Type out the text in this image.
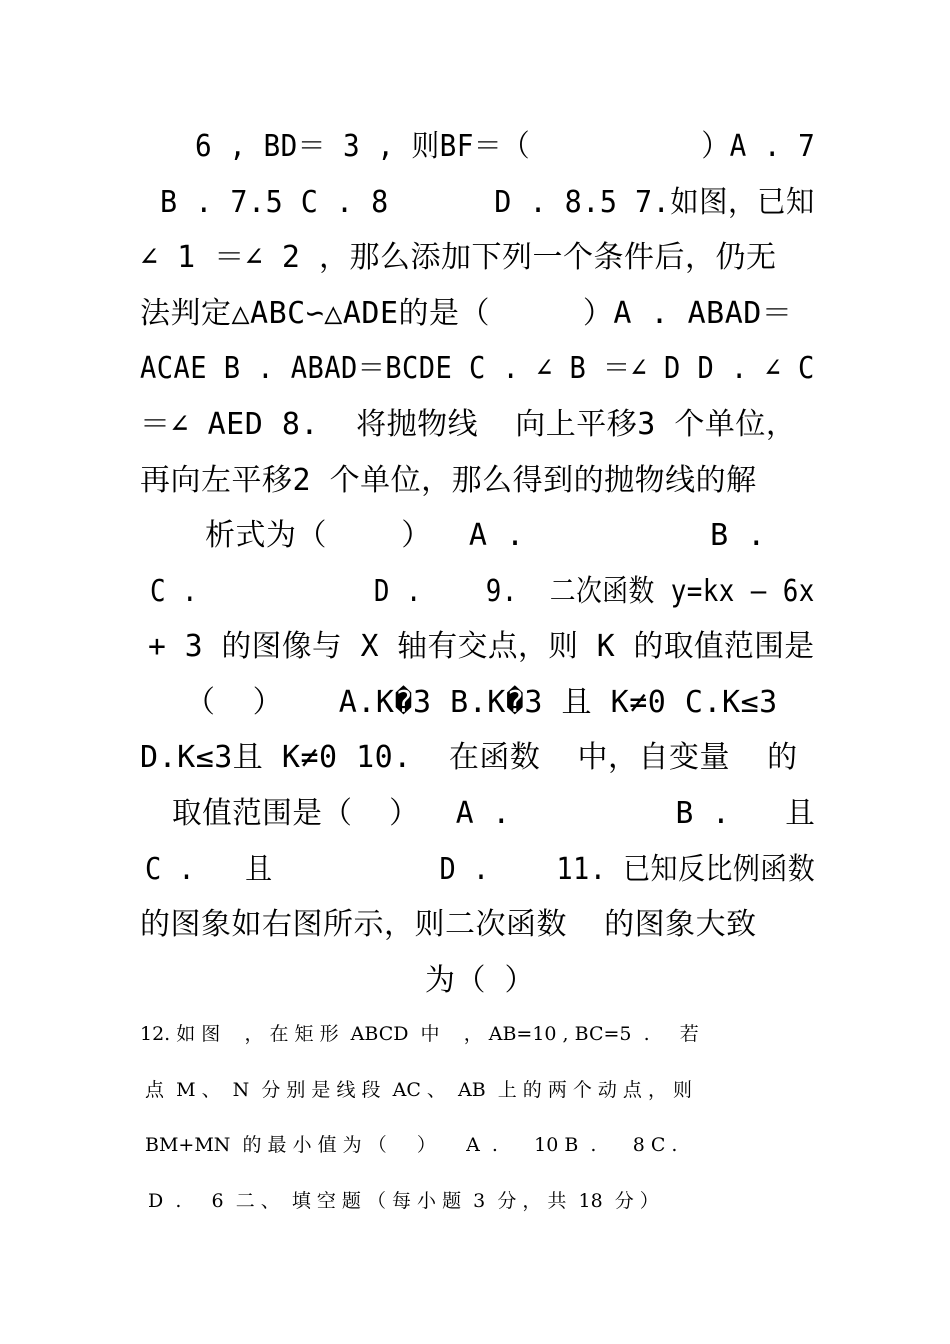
6 , BD＝ 3 , 则BF＝（          ）A . 7
B . 7.5 C . 8      D . 8.5 7.如图，已知
∠ 1 ＝∠ 2 ，那么添加下列一个条件后，仍无
法判定△ABC∽△ADE的是（     ）A . ABAD＝
ACAE B . ABAD＝BCDE C . ∠ B ＝∠ D D . ∠ C
＝∠ AED 8.  将抛物线  向上平移3 个单位，
再向左平移2 个单位，那么得到的抛物线的解
析式为（    ）  A .          B .
C .           D .    9.  二次函数 y=kx – 6x
+ 3 的图像与 X 轴有交点，则 K 的取值范围是
（  ）   A.K�3 B.K�3 且 K≠0 C.K≤3
D.K≤3且 K≠0 10.  在函数  中，自变量  的
取值范围是（  ）  A .         B .   且
C .   且          D .    11. 已知反比例函数
的图象如右图所示，则二次函数  的图象大致
为（ ）
12. 如 图    ， 在 矩 形  ABCD  中    ， AB=10 , BC=5  .     若
点  M 、  N  分 别 是 线 段  AC 、  AB  上 的 两 个 动 点 ， 则
BM+MN  的 最 小 值 为 （     ）     A  .      10 B  .      8 C .
D  .     6  二 、  填 空 题 （ 每 小 题  3  分 ， 共  18  分 ）
